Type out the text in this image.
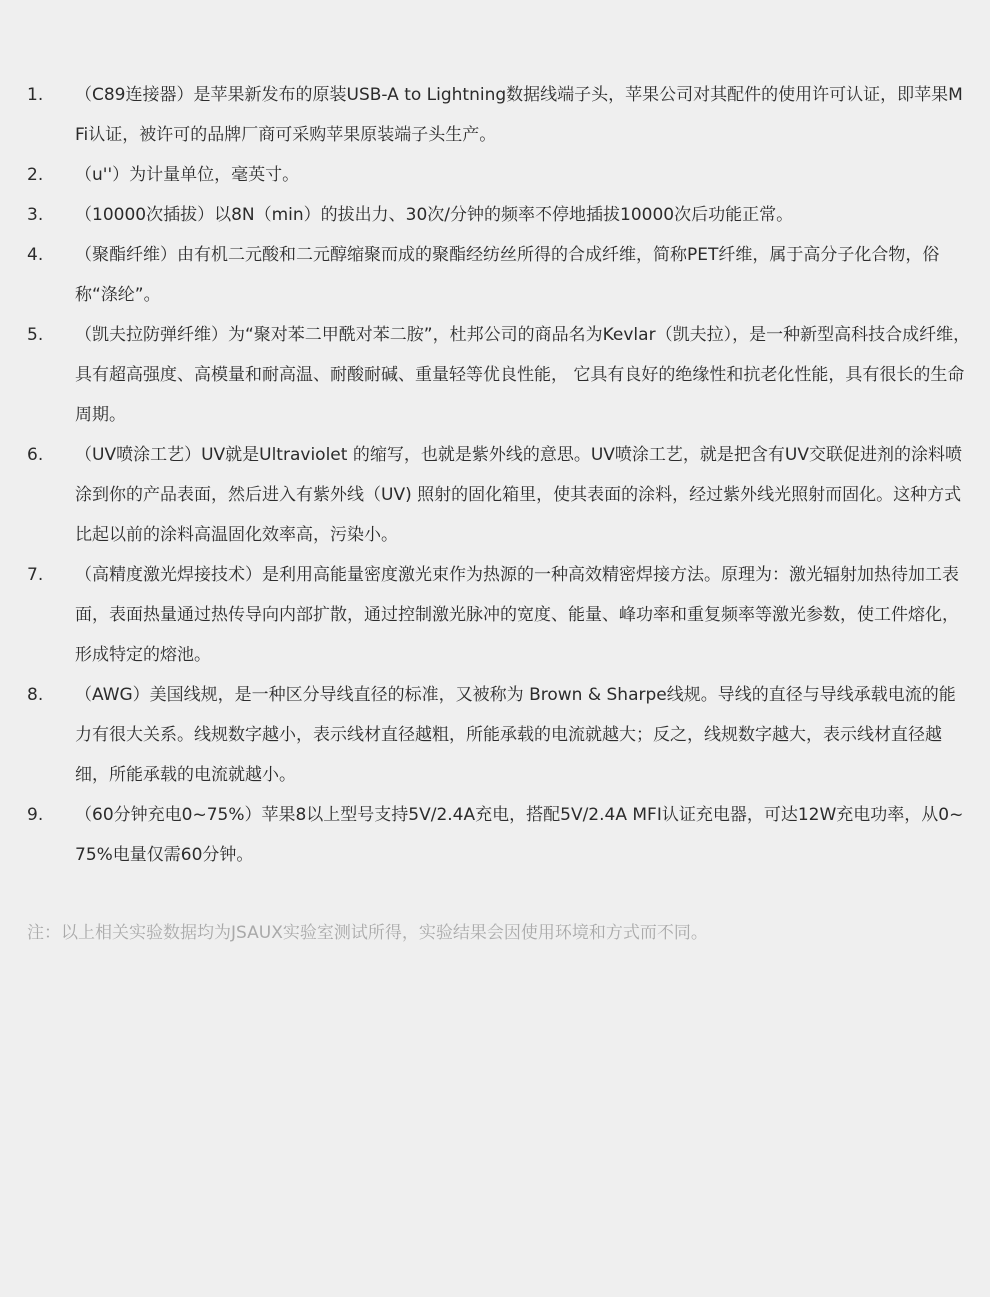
1.	（C89连接器）是苹果新发布的原装USB-A to Lightning数据线端子头，苹果公司对其配件的使用许可认证，即苹果MFi认证，被许可的品牌厂商可采购苹果原装端子头生产。
2.	（u''）为计量单位，毫英寸。
3.	（10000次插拔）以8N（min）的拔出力、30次/分钟的频率不停地插拔10000次后功能正常。
4.	（聚酯纤维）由有机二元酸和二元醇缩聚而成的聚酯经纺丝所得的合成纤维，简称PET纤维，属于高分子化合物，俗称“涤纶”。
5.	（凯夫拉防弹纤维）为“聚对苯二甲酰对苯二胺”，杜邦公司的商品名为Kevlar（凯夫拉），是一种新型高科技合成纤维，具有超高强度、高模量和耐高温、耐酸耐碱、重量轻等优良性能， 它具有良好的绝缘性和抗老化性能，具有很长的生命周期。
6.	（UV喷涂工艺）UV就是Ultraviolet 的缩写，也就是紫外线的意思。UV喷涂工艺，就是把含有UV交联促进剂的涂料喷涂到你的产品表面，然后进入有紫外线（UV) 照射的固化箱里，使其表面的涂料，经过紫外线光照射而固化。这种方式比起以前的涂料高温固化效率高，污染小。
7.	（高精度激光焊接技术）是利用高能量密度激光束作为热源的一种高效精密焊接方法。原理为：激光辐射加热待加工表面，表面热量通过热传导向内部扩散，通过控制激光脉冲的宽度、能量、峰功率和重复频率等激光参数，使工件熔化，形成特定的熔池。
8.	（AWG）美国线规，是一种区分导线直径的标准，又被称为 Brown & Sharpe线规。导线的直径与导线承载电流的能力有很大关系。线规数字越小，表示线材直径越粗，所能承载的电流就越大；反之，线规数字越大，表示线材直径越细，所能承载的电流就越小。
9.	（60分钟充电0~75%）苹果8以上型号支持5V/2.4A充电，搭配5V/2.4A MFI认证充电器，可达12W充电功率，从0~75%电量仅需60分钟。
注：以上相关实验数据均为JSAUX实验室测试所得，实验结果会因使用环境和方式而不同。
